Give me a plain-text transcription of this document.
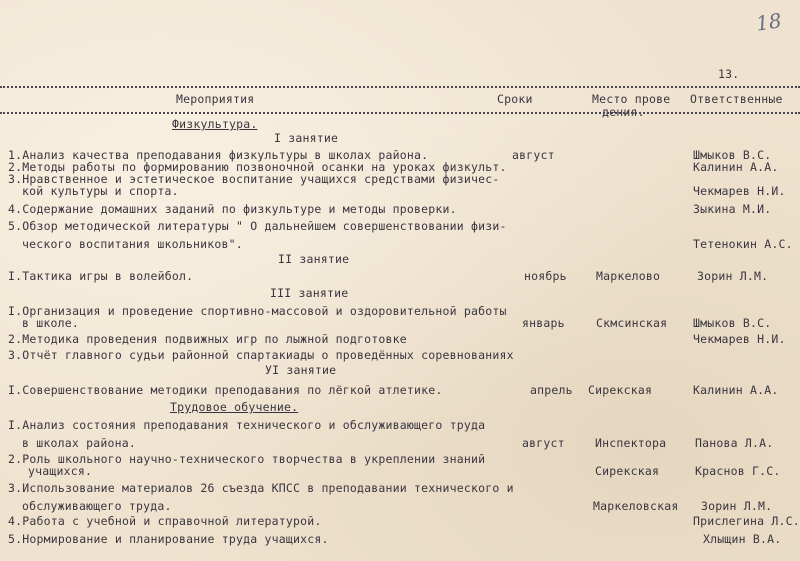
18
13.
Мероприятия	Сроки	Место прове
дения.
Ответственные
Физкультура.
I занятие
1.Анализ качества преподавания физкультуры в школах района.	август	Шмыков В.С.
2.Методы работы по формированию позвоночной осанки на уроках физкульт.	Калинин А.А.
3.Нравственное и эстетическое воспитание учащихся средствами физичес-
кой культуры и спорта.	Чекмарев Н.И.
4.Содержание домашних заданий по физкультуре и методы проверки.	Зыкина М.И.
5.Обзор методической литературы " О дальнейшем совершенствовании физи-
ческого воспитания школьников".	Тетенокин А.С.
II занятие
I.Тактика игры в волейбол.	ноябрь	Маркелово	Зорин Л.М.
III занятие
I.Организация и проведение спортивно-массовой и оздоровительной работы
в школе.	январь	Скмсинская Шмыков В.С.
2.Методика проведения подвижных игр по лыжной подготовке	Чекмарев Н.И.
3.Отчёт главного судьи районной спартакиады о проведённых соревнованиях
УI занятие
I.Совершенствование методики преподавания по лёгкой атлетике.	апрель Сирекская	Калинин А.А.
Трудовое обучение.
I.Анализ состояния преподавания технического и обслуживающего труда
в школах района.	август	Инспектора	Панова Л.А.
2.Роль школьного научно-технического творчества в укреплении знаний
учащихся.	Сирекская	Краснов Г.С.
3.Использование материалов 26 съезда КПСС в преподавании технического и
обслуживающего труда.	Маркеловская Зорин Л.М.
4.Работа с учебной и справочной литературой.	Прислегина Л.С.
5.Нормирование и планирование труда учащихся.	Хлыщин В.А.
